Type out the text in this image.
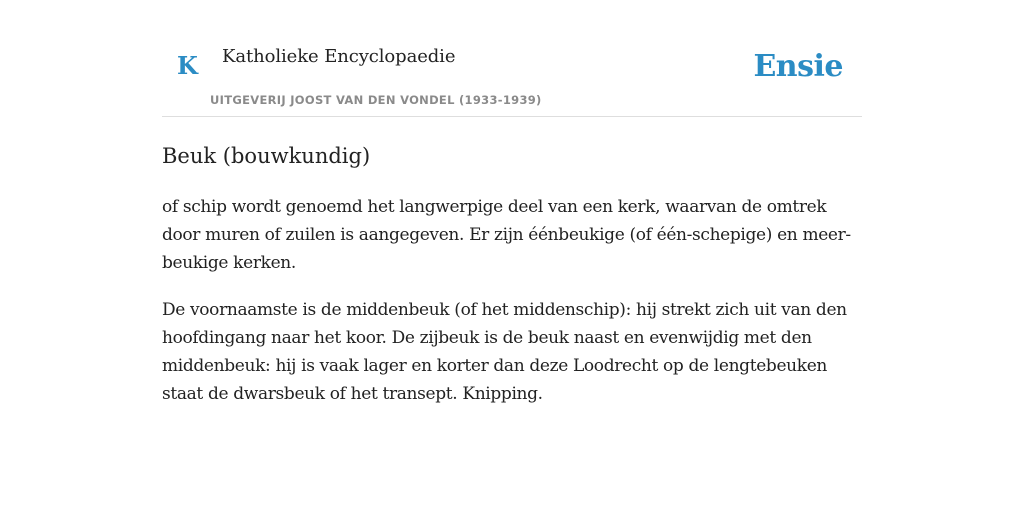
K Katholieke Encyclopaedie
UITGEVERIJ JOOST VAN DEN VONDEL (1933-1939)
Ensie
Beuk (bouwkundig)

of schip wordt genoemd het langwerpige deel van een kerk, waarvan de omtrek door muren of zuilen is aangegeven. Er zijn éénbeukige (of één-schepige) en meer-beukige kerken.

De voornaamste is de middenbeuk (of het middenschip): hij strekt zich uit van den hoofdingang naar het koor. De zijbeuk is de beuk naast en evenwijdig met den middenbeuk: hij is vaak lager en korter dan deze Loodrecht op de lengtebeuken staat de dwarsbeuk of het transept. Knipping.
